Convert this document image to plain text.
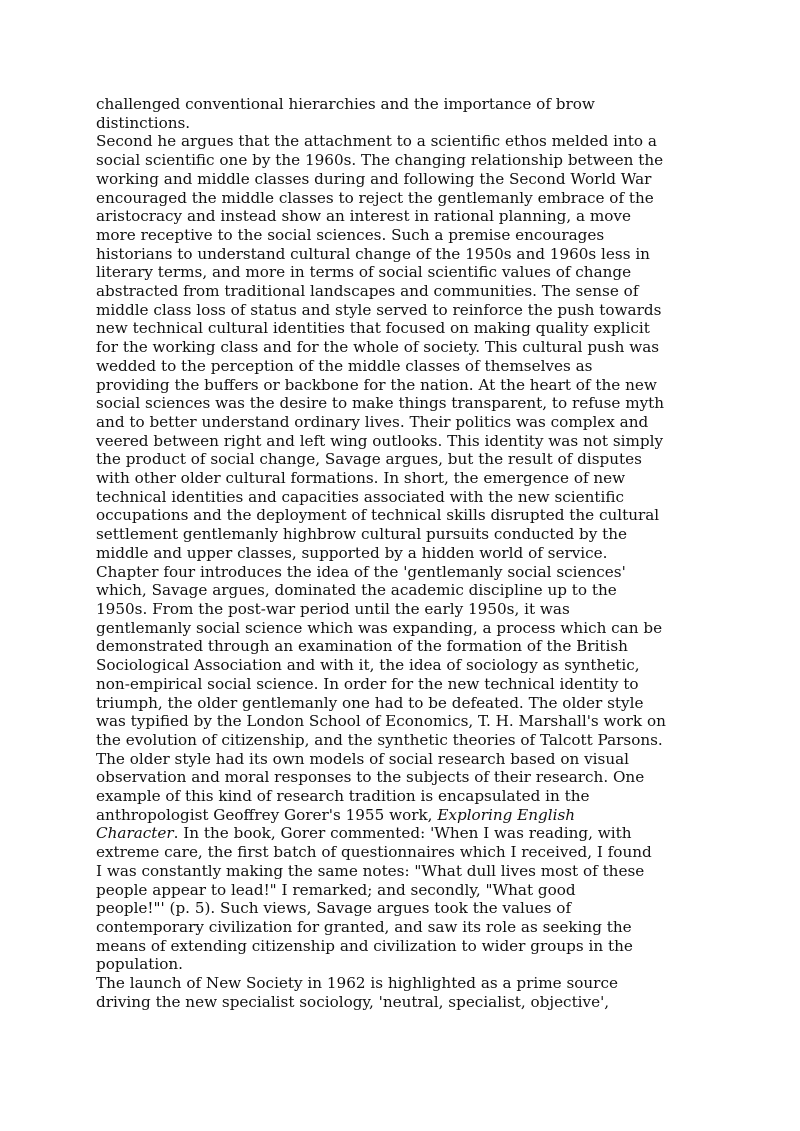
challenged conventional hierarchies and the importance of brow
distinctions.
Second he argues that the attachment to a scientific ethos melded into a
social scientific one by the 1960s. The changing relationship between the
working and middle classes during and following the Second World War
encouraged the middle classes to reject the gentlemanly embrace of the
aristocracy and instead show an interest in rational planning, a move
more receptive to the social sciences. Such a premise encourages
historians to understand cultural change of the 1950s and 1960s less in
literary terms, and more in terms of social scientific values of change
abstracted from traditional landscapes and communities. The sense of
middle class loss of status and style served to reinforce the push towards
new technical cultural identities that focused on making quality explicit
for the working class and for the whole of society. This cultural push was
wedded to the perception of the middle classes of themselves as
providing the buffers or backbone for the nation. At the heart of the new
social sciences was the desire to make things transparent, to refuse myth
and to better understand ordinary lives. Their politics was complex and
veered between right and left wing outlooks. This identity was not simply
the product of social change, Savage argues, but the result of disputes
with other older cultural formations. In short, the emergence of new
technical identities and capacities associated with the new scientific
occupations and the deployment of technical skills disrupted the cultural
settlement gentlemanly highbrow cultural pursuits conducted by the
middle and upper classes, supported by a hidden world of service.
Chapter four introduces the idea of the 'gentlemanly social sciences'
which, Savage argues, dominated the academic discipline up to the
1950s. From the post-war period until the early 1950s, it was
gentlemanly social science which was expanding, a process which can be
demonstrated through an examination of the formation of the British
Sociological Association and with it, the idea of sociology as synthetic,
non-empirical social science. In order for the new technical identity to
triumph, the older gentlemanly one had to be defeated. The older style
was typified by the London School of Economics, T. H. Marshall's work on
the evolution of citizenship, and the synthetic theories of Talcott Parsons.
The older style had its own models of social research based on visual
observation and moral responses to the subjects of their research. One
example of this kind of research tradition is encapsulated in the
anthropologist Geoffrey Gorer's 1955 work, Exploring English
Character. In the book, Gorer commented: 'When I was reading, with
extreme care, the first batch of questionnaires which I received, I found
I was constantly making the same notes: "What dull lives most of these
people appear to lead!" I remarked; and secondly, "What good
people!"' (p. 5). Such views, Savage argues took the values of
contemporary civilization for granted, and saw its role as seeking the
means of extending citizenship and civilization to wider groups in the
population.
The launch of New Society in 1962 is highlighted as a prime source
driving the new specialist sociology, 'neutral, specialist, objective',
